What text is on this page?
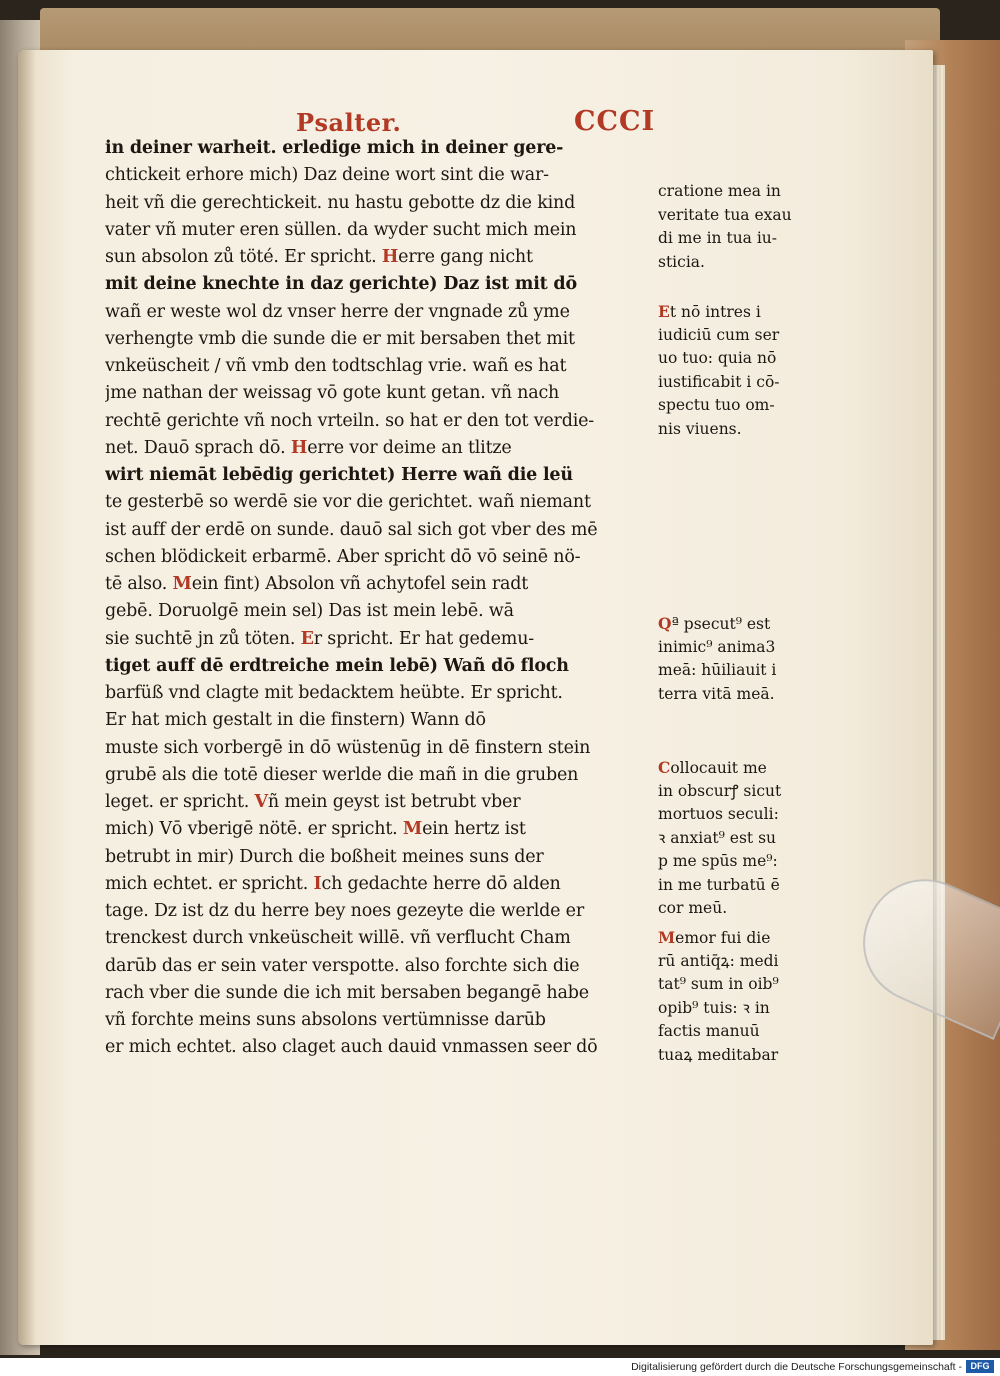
Psalter.	CCCI
in deiner warheit. erledige mich in deiner gere-
chtickeit erhore mich) Daz deine wort sint die war-
heit vñ die gerechtickeit. nu hastu gebotte dz die kind
vater vñ muter eren süllen. da wyder sucht mich mein
sun absolon zů töté. Er spricht. Herre gang nicht
mit deine knechte in daz gerichte) Daz ist mit dō
wañ er weste wol dz vnser herre der vngnade zů yme
verhengte vmb die sunde die er mit bersaben thet mit
vnkeüscheit / vñ vmb den todtschlag vrie. wañ es hat
jme nathan der weissag vō gote kunt getan. vñ nach
rechtē gerichte vñ noch vrteiln. so hat er den tot verdie-
net. Dauō sprach dō. Herre vor deime an tlitze
wirt niemāt lebēdig gerichtet) Herre wañ die leü
te gesterbē so werdē sie vor die gerichtet. wañ niemant
ist auff der erdē on sunde. dauō sal sich got vber des mē
schen blödickeit erbarmē. Aber spricht dō vō seinē nö-
tē also. Mein fint) Absolon vñ achytofel sein radt
gebē. Doruolgē mein sel) Das ist mein lebē. wā
sie suchtē jn zů töten. Er spricht. Er hat gedemu-
tiget auff dē erdtreiche mein lebē) Wañ dō floch
barfüß vnd clagte mit bedacktem heübte. Er spricht.
Er hat mich gestalt in die finstern) Wann dō
muste sich vorbergē in dō wüstenūg in dē finstern stein
grubē als die totē dieser werlde die mañ in die gruben
leget. er spricht. Vñ mein geyst ist betrubt vber
mich) Vō vberigē nötē. er spricht. Mein hertz ist
betrubt in mir) Durch die boßheit meines suns der
mich echtet. er spricht. Ich gedachte herre dō alden
tage. Dz ist dz du herre bey noes gezeyte die werlde er
trenckest durch vnkeüscheit willē. vñ verflucht Cham
darūb das er sein vater verspotte. also forchte sich die
rach vber die sunde die ich mit bersaben begangē habe
vñ forchte meins suns absolons vertümnisse darūb
er mich echtet. also claget auch dauid vnmassen seer dō
cratione mea in
veritate tua exau
di me in tua iu-
sticia.
Et nō intres i
iudiciū cum ser
uo tuo: quia nō
iustificabit i cō-
spectu tuo om-
nis viuens.
Qª psecut⁹ est
inimic⁹ anima3
meā: hūiliauit i
terra vitā meā.
Collocauit me
in obscurꝭ sicut
mortuos seculi:
ꝛ anxiat⁹ est su
p me spūs me⁹:
in me turbatū ē
cor meū.
Memor fui die
rū antiq̄ꝝ: medi
tat⁹ sum in oib⁹
opib⁹ tuis: ꝛ in
factis manuū
tuaꝝ meditabar
Digitalisierung gefördert durch die Deutsche Forschungsgemeinschaft - DFG
